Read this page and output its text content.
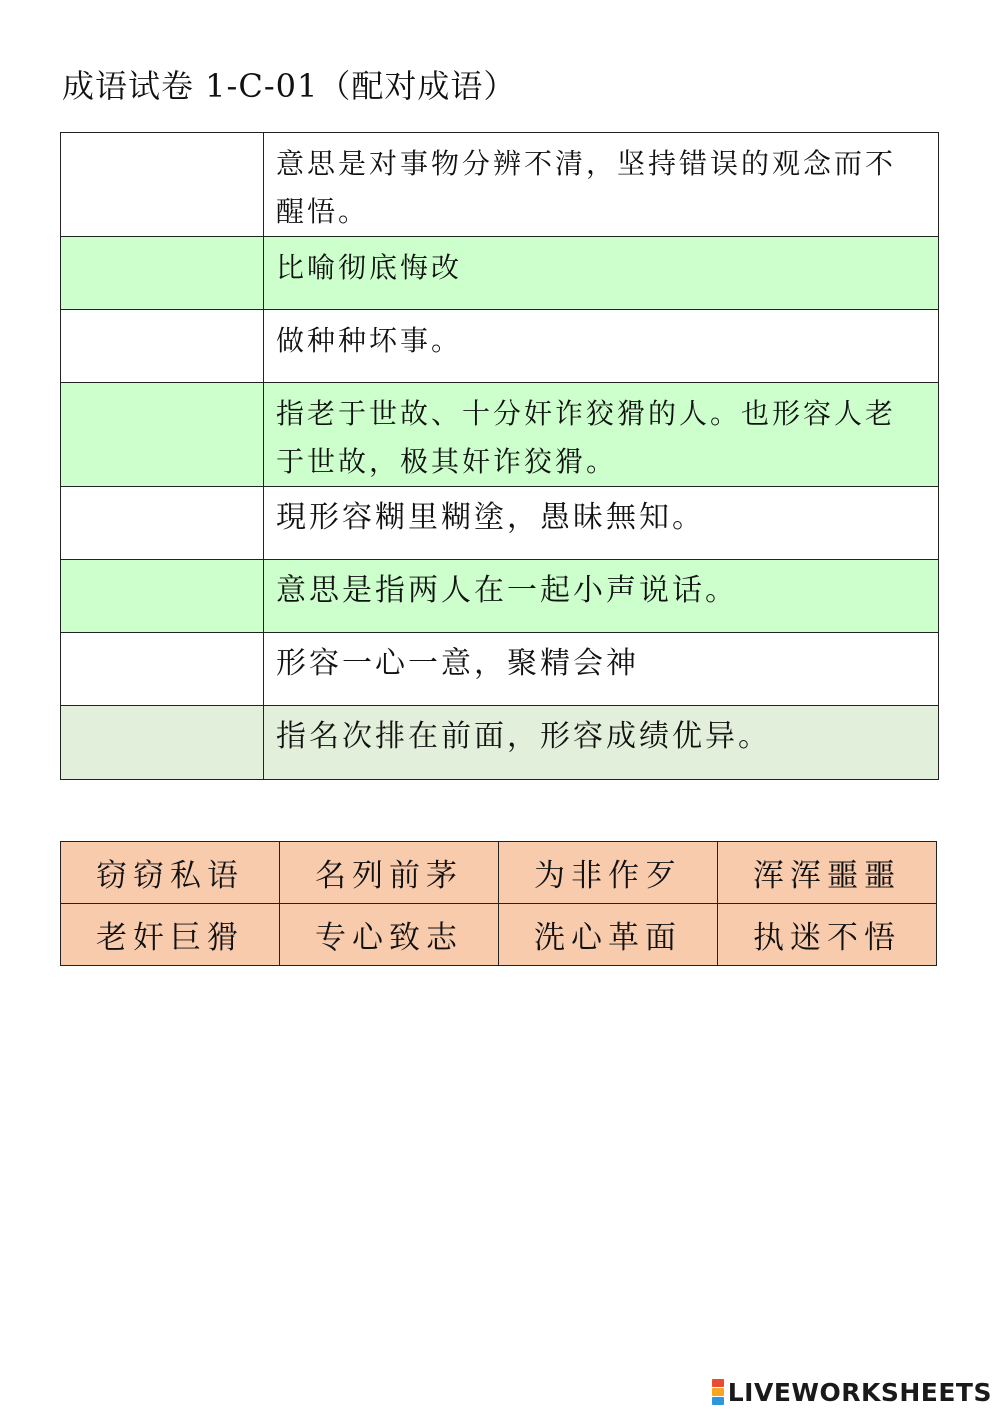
成语试卷 1-C-01（配对成语）
	意思是对事物分辨不清，坚持错误的观念而不醒悟。
	比喻彻底悔改
	做种种坏事。
	指老于世故、十分奸诈狡猾的人。也形容人老于世故，极其奸诈狡猾。
	現形容糊里糊塗，愚昧無知。
	意思是指两人在一起小声说话。
	形容一心一意，聚精会神
	指名次排在前面，形容成绩优异。
窃窃私语	名列前茅	为非作歹	浑浑噩噩
老奸巨猾	专心致志	洗心革面	执迷不悟
LIVEWORKSHEETS
